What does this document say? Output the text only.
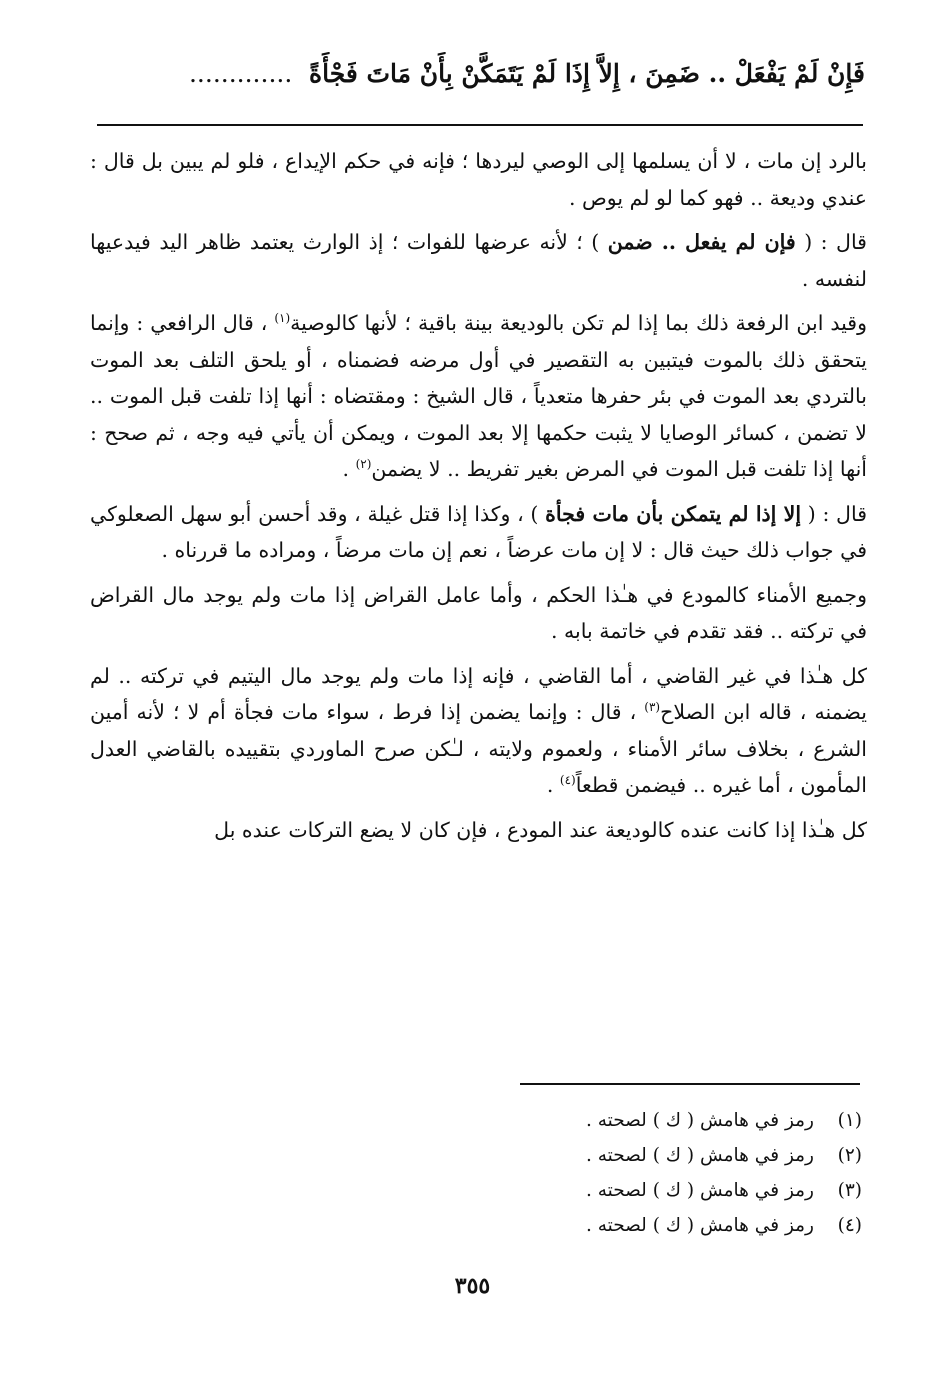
فَإِنْ لَمْ يَفْعَلْ .. ضَمِنَ ، إِلاَّ إِذَا لَمْ يَتَمَكَّنْ بِأَنْ مَاتَ فَجْأَةً .............

بالرد إن مات ، لا أن يسلمها إلى الوصي ليردها ؛ فإنه في حكم الإيداع ، فلو لم يبين بل قال : عندي وديعة .. فهو كما لو لم يوص .

قال : ( فإن لم يفعل .. ضمن ) ؛ لأنه عرضها للفوات ؛ إذ الوارث يعتمد ظاهر اليد فيدعيها لنفسه .

وقيد ابن الرفعة ذلك بما إذا لم تكن بالوديعة بينة باقية ؛ لأنها كالوصية$^{(١)}$ ، قال الرافعي : وإنما يتحقق ذلك بالموت فيتبين به التقصير في أول مرضه فضمناه ، أو يلحق التلف بعد الموت بالتردي بعد الموت في بئر حفرها متعدياً ، قال الشيخ : ومقتضاه : أنها إذا تلفت قبل الموت .. لا تضمن ، كسائر الوصايا لا يثبت حكمها إلا بعد الموت ، ويمكن أن يأتي فيه وجه ، ثم صحح : أنها إذا تلفت قبل الموت في المرض بغير تفريط .. لا يضمن$^{(٢)}$ .

قال : ( إلا إذا لم يتمكن بأن مات فجأة ) ، وكذا إذا قتل غيلة ، وقد أحسن أبو سهل الصعلوكي في جواب ذلك حيث قال : لا إن مات عرضاً ، نعم إن مات مرضاً ، ومراده ما قررناه .

وجميع الأمناء كالمودع في هـٰذا الحكم ، وأما عامل القراض إذا مات ولم يوجد مال القراض في تركته .. فقد تقدم في خاتمة بابه .

كل هـٰذا في غير القاضي ، أما القاضي ، فإنه إذا مات ولم يوجد مال اليتيم في تركته .. لم يضمنه ، قاله ابن الصلاح$^{(٣)}$ ، قال : وإنما يضمن إذا فرط ، سواء مات فجأة أم لا ؛ لأنه أمين الشرع ، بخلاف سائر الأمناء ، ولعموم ولايته ، لـٰكن صرح الماوردي بتقييده بالقاضي العدل المأمون ، أما غيره .. فيضمن قطعاً$^{(٤)}$ .

كل هـٰذا إذا كانت عنده كالوديعة عند المودع ، فإن كان لا يضع التركات عنده بل

(١)
رمز في هامش ( ك ) لصحته .
(٢)
رمز في هامش ( ك ) لصحته .
(٣)
رمز في هامش ( ك ) لصحته .
(٤)
رمز في هامش ( ك ) لصحته .
٣٥٥
